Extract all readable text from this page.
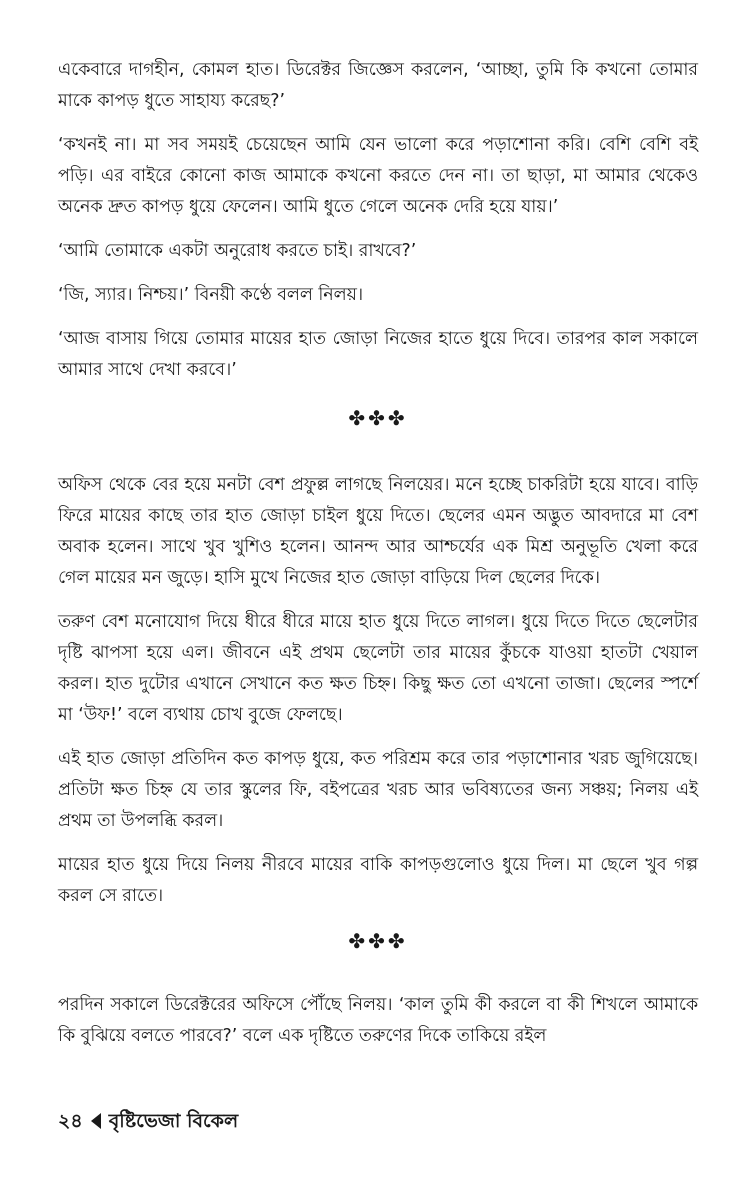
একেবারে দাগহীন, কোমল হাত। ডিরেক্টর জিজ্ঞেস করলেন, ‘আচ্ছা, তুমি কি কখনো তোমার মাকে কাপড় ধুতে সাহায্য করেছ?’

‘কখনই না। মা সব সময়ই চেয়েছেন আমি যেন ভালো করে পড়াশোনা করি। বেশি বেশি বই পড়ি। এর বাইরে কোনো কাজ আমাকে কখনো করতে দেন না। তা ছাড়া, মা আমার থেকেও অনেক দ্রুত কাপড় ধুয়ে ফেলেন। আমি ধুতে গেলে অনেক দেরি হয়ে যায়।’

‘আমি তোমাকে একটা অনুরোধ করতে চাই। রাখবে?’

‘জি, স্যার। নিশ্চয়।’ বিনয়ী কণ্ঠে বলল নিলয়।

‘আজ বাসায় গিয়ে তোমার মায়ের হাত জোড়া নিজের হাতে ধুয়ে দিবে। তারপর কাল সকালে আমার সাথে দেখা করবে।’

✤✤✤

অফিস থেকে বের হয়ে মনটা বেশ প্রফুল্ল লাগছে নিলয়ের। মনে হচ্ছে চাকরিটা হয়ে যাবে। বাড়ি ফিরে মায়ের কাছে তার হাত জোড়া চাইল ধুয়ে দিতে। ছেলের এমন অদ্ভুত আবদারে মা বেশ অবাক হলেন। সাথে খুব খুশিও হলেন। আনন্দ আর আশ্চর্যের এক মিশ্র অনুভূতি খেলা করে গেল মায়ের মন জুড়ে। হাসি মুখে নিজের হাত জোড়া বাড়িয়ে দিল ছেলের দিকে।

তরুণ বেশ মনোযোগ দিয়ে ধীরে ধীরে মায়ে হাত ধুয়ে দিতে লাগল। ধুয়ে দিতে দিতে ছেলেটার দৃষ্টি ঝাপসা হয়ে এল। জীবনে এই প্রথম ছেলেটা তার মায়ের কুঁচকে যাওয়া হাতটা খেয়াল করল। হাত দুটোর এখানে সেখানে কত ক্ষত চিহ্ন। কিছু ক্ষত তো এখনো তাজা। ছেলের স্পর্শে মা ‘উফ!’ বলে ব্যথায় চোখ বুজে ফেলছে।

এই হাত জোড়া প্রতিদিন কত কাপড় ধুয়ে, কত পরিশ্রম করে তার পড়াশোনার খরচ জুগিয়েছে। প্রতিটা ক্ষত চিহ্ন যে তার স্কুলের ফি, বইপত্রের খরচ আর ভবিষ্যতের জন্য সঞ্চয়; নিলয় এই প্রথম তা উপলব্ধি করল।

মায়ের হাত ধুয়ে দিয়ে নিলয় নীরবে মায়ের বাকি কাপড়গুলোও ধুয়ে দিল। মা ছেলে খুব গল্প করল সে রাতে।

✤✤✤

পরদিন সকালে ডিরেক্টরের অফিসে পৌঁছে নিলয়। ‘কাল তুমি কী করলে বা কী শিখলে আমাকে কি বুঝিয়ে বলতে পারবে?’ বলে এক দৃষ্টিতে তরুণের দিকে তাকিয়ে রইল

২৪ বৃষ্টিভেজা বিকেল
